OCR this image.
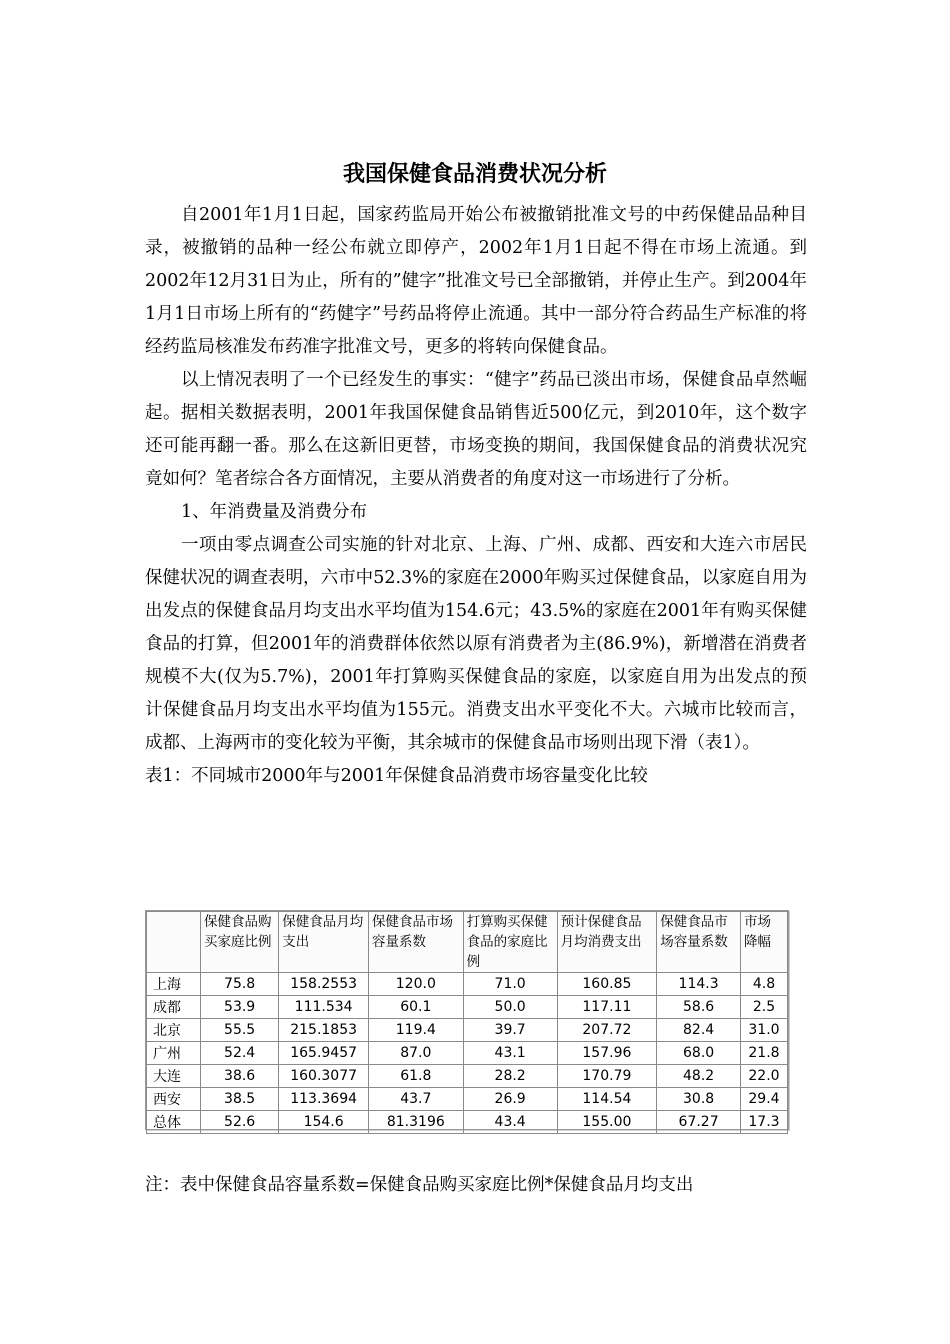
我国保健食品消费状况分析

自2001年1月1日起，国家药监局开始公布被撤销批准文号的中药保健品品种目录，被撤销的品种一经公布就立即停产，2002年1月1日起不得在市场上流通。到2002年12月31日为止，所有的”健字”批准文号已全部撤销，并停止生产。到2004年1月1日市场上所有的“药健字”号药品将停止流通。其中一部分符合药品生产标准的将经药监局核准发布药准字批准文号，更多的将转向保健食品。

以上情况表明了一个已经发生的事实：“健字”药品已淡出市场，保健食品卓然崛起。据相关数据表明，2001年我国保健食品销售近500亿元，到2010年，这个数字还可能再翻一番。那么在这新旧更替，市场变换的期间，我国保健食品的消费状况究竟如何？笔者综合各方面情况，主要从消费者的角度对这一市场进行了分析。

1、年消费量及消费分布

一项由零点调查公司实施的针对北京、上海、广州、成都、西安和大连六市居民保健状况的调查表明，六市中52.3%的家庭在2000年购买过保健食品，以家庭自用为出发点的保健食品月均支出水平均值为154.6元；43.5%的家庭在2001年有购买保健食品的打算，但2001年的消费群体依然以原有消费者为主(86.9%)，新增潜在消费者规模不大(仅为5.7%)，2001年打算购买保健食品的家庭，以家庭自用为出发点的预计保健食品月均支出水平均值为155元。消费支出水平变化不大。六城市比较而言，成都、上海两市的变化较为平衡，其余城市的保健食品市场则出现下滑（表1）。

表1：不同城市2000年与2001年保健食品消费市场容量变化比较

	保健食品购买家庭比例	保健食品月均支出	保健食品市场容量系数	打算购买保健食品的家庭比例	预计保健食品月均消费支出	保健食品市场容量系数	市场降幅
上海	75.8	158.2553	120.0	71.0	160.85	114.3	4.8
成都	53.9	111.534	60.1	50.0	117.11	58.6	2.5
北京	55.5	215.1853	119.4	39.7	207.72	82.4	31.0
广州	52.4	165.9457	87.0	43.1	157.96	68.0	21.8
大连	38.6	160.3077	61.8	28.2	170.79	48.2	22.0
西安	38.5	113.3694	43.7	26.9	114.54	30.8	29.4
总体	52.6	154.6	81.3196	43.4	155.00	67.27	17.3
注：表中保健食品容量系数=保健食品购买家庭比例*保健食品月均支出
